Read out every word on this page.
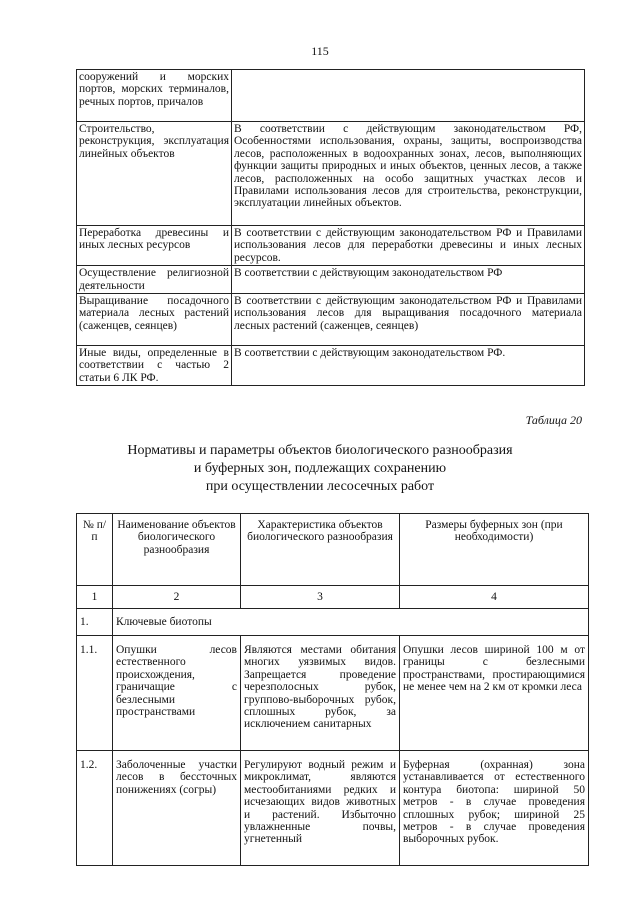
115
сооружений и морских портов, морских терминалов, речных портов, причалов	
Строительство, реконструкция, эксплуатация линейных объектов	В соответствии с действующим законодательством РФ, Особенностями использования, охраны, защиты, воспроизводства лесов, расположенных в водоохранных зонах, лесов, выполняющих функции защиты природных и иных объектов, ценных лесов, а также лесов, расположенных на особо защитных участках лесов и Правилами использования лесов для строительства, реконструкции, эксплуатации линейных объектов.
Переработка древесины и иных лесных ресурсов	В соответствии с действующим законодательством РФ и Правилами использования лесов для переработки древесины и иных лесных ресурсов.
Осуществление религиозной деятельности	В соответствии с действующим законодательством РФ
Выращивание посадочного материала лесных растений (саженцев, сеянцев)	В соответствии с действующим законодательством РФ и Правилами использования лесов для выращивания посадочного материала лесных растений (саженцев, сеянцев)
Иные виды, определенные в соответствии с частью 2 статьи 6 ЛК РФ.	В соответствии с действующим законодательством РФ.
Таблица 20
Нормативы и параметры объектов биологического разнообразия
и буферных зон, подлежащих сохранению
при осуществлении лесосечных работ
№ п/п	Наименование объектов биологического разнообразия	Характеристика объектов биологического разнообразия	Размеры буферных зон (при необходимости)
1	2	3	4
1.	Ключевые биотопы		
1.1.	Опушки лесов естественного происхождения, граничащие с безлесными пространствами	Являются местами обитания многих уязвимых видов. Запрещается проведение черезполосных рубок, группово-выборочных рубок, сплошных рубок, за исключением санитарных	Опушки лесов шириной 100 м от границы с безлесными пространствами, простирающимися не менее чем на 2 км от кромки леса
1.2.	Заболоченные участки лесов в бессточных понижениях (согры)	Регулируют водный режим и микроклимат, являются местообитаниями редких и исчезающих видов животных и растений. Избыточно увлажненные почвы, угнетенный	Буферная (охранная) зона устанавливается от естественного контура биотопа: шириной 50 метров - в случае проведения сплошных рубок; шириной 25 метров - в случае проведения выборочных рубок.
